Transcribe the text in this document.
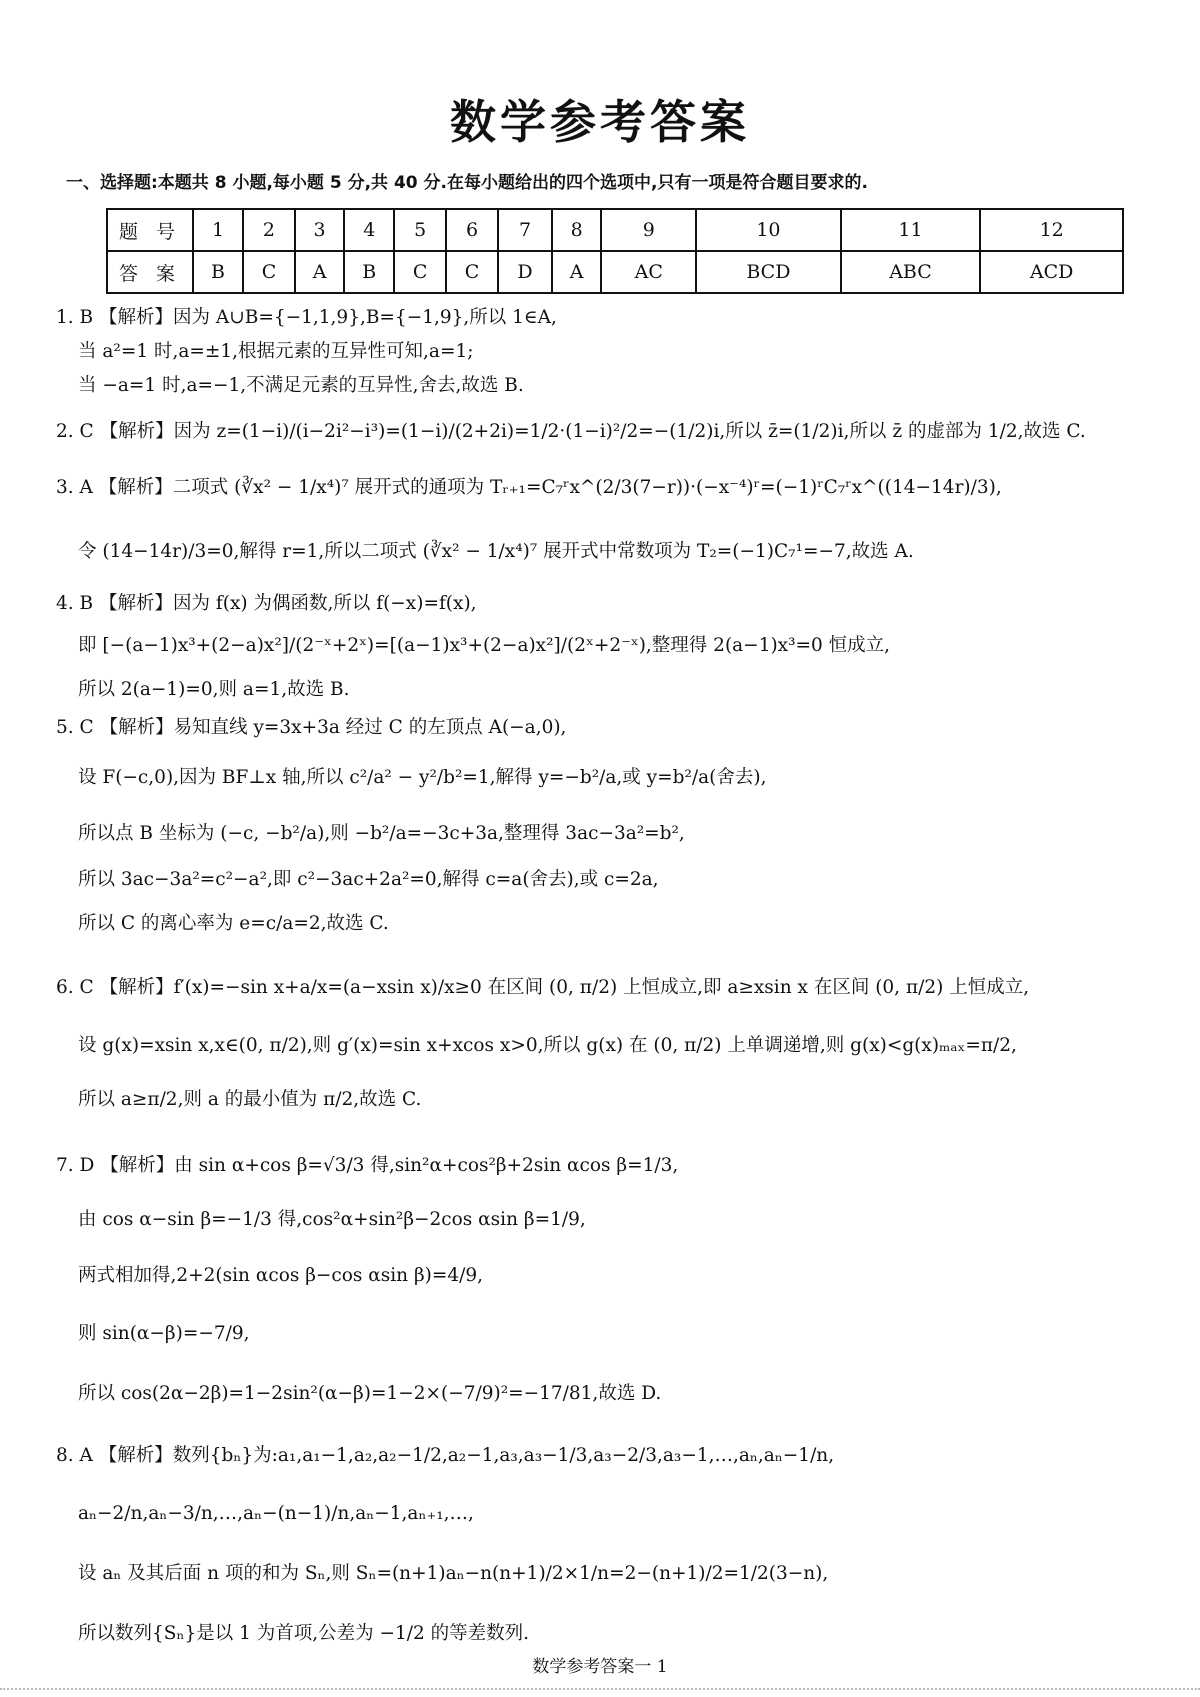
数学参考答案
一、选择题:本题共 8 小题,每小题 5 分,共 40 分.在每小题给出的四个选项中,只有一项是符合题目要求的.
题 号	1	2	3	4	5	6	7	8	9	10	11	12
答 案	B	C	A	B	C	C	D	A	AC	BCD	ABC	ACD
1. B 【解析】因为 A∪B={−1,1,9},B={−1,9},所以 1∈A,
当 a²=1 时,a=±1,根据元素的互异性可知,a=1;
当 −a=1 时,a=−1,不满足元素的互异性,舍去,故选 B.
2. C 【解析】因为 z=(1−i)/(i−2i²−i³)=(1−i)/(2+2i)=1/2·(1−i)²/2=−(1/2)i,所以 z̄=(1/2)i,所以 z̄ 的虚部为 1/2,故选 C.
3. A 【解析】二项式 (∛x² − 1/x⁴)⁷ 展开式的通项为 Tᵣ₊₁=C₇ʳx^(2/3(7−r))·(−x⁻⁴)ʳ=(−1)ʳC₇ʳx^((14−14r)/3),
令 (14−14r)/3=0,解得 r=1,所以二项式 (∛x² − 1/x⁴)⁷ 展开式中常数项为 T₂=(−1)C₇¹=−7,故选 A.
4. B 【解析】因为 f(x) 为偶函数,所以 f(−x)=f(x),
即 [−(a−1)x³+(2−a)x²]/(2⁻ˣ+2ˣ)=[(a−1)x³+(2−a)x²]/(2ˣ+2⁻ˣ),整理得 2(a−1)x³=0 恒成立,
所以 2(a−1)=0,则 a=1,故选 B.
5. C 【解析】易知直线 y=3x+3a 经过 C 的左顶点 A(−a,0),
设 F(−c,0),因为 BF⊥x 轴,所以 c²/a² − y²/b²=1,解得 y=−b²/a,或 y=b²/a(舍去),
所以点 B 坐标为 (−c, −b²/a),则 −b²/a=−3c+3a,整理得 3ac−3a²=b²,
所以 3ac−3a²=c²−a²,即 c²−3ac+2a²=0,解得 c=a(舍去),或 c=2a,
所以 C 的离心率为 e=c/a=2,故选 C.
6. C 【解析】f′(x)=−sin x+a/x=(a−xsin x)/x≥0 在区间 (0, π/2) 上恒成立,即 a≥xsin x 在区间 (0, π/2) 上恒成立,
设 g(x)=xsin x,x∈(0, π/2),则 g′(x)=sin x+xcos x>0,所以 g(x) 在 (0, π/2) 上单调递增,则 g(x)<g(x)ₘₐₓ=π/2,
所以 a≥π/2,则 a 的最小值为 π/2,故选 C.
7. D 【解析】由 sin α+cos β=√3/3 得,sin²α+cos²β+2sin αcos β=1/3,
由 cos α−sin β=−1/3 得,cos²α+sin²β−2cos αsin β=1/9,
两式相加得,2+2(sin αcos β−cos αsin β)=4/9,
则 sin(α−β)=−7/9,
所以 cos(2α−2β)=1−2sin²(α−β)=1−2×(−7/9)²=−17/81,故选 D.
8. A 【解析】数列{bₙ}为:a₁,a₁−1,a₂,a₂−1/2,a₂−1,a₃,a₃−1/3,a₃−2/3,a₃−1,…,aₙ,aₙ−1/n,
aₙ−2/n,aₙ−3/n,…,aₙ−(n−1)/n,aₙ−1,aₙ₊₁,…,
设 aₙ 及其后面 n 项的和为 Sₙ,则 Sₙ=(n+1)aₙ−n(n+1)/2×1/n=2−(n+1)/2=1/2(3−n),
所以数列{Sₙ}是以 1 为首项,公差为 −1/2 的等差数列.
数学参考答案一 1
